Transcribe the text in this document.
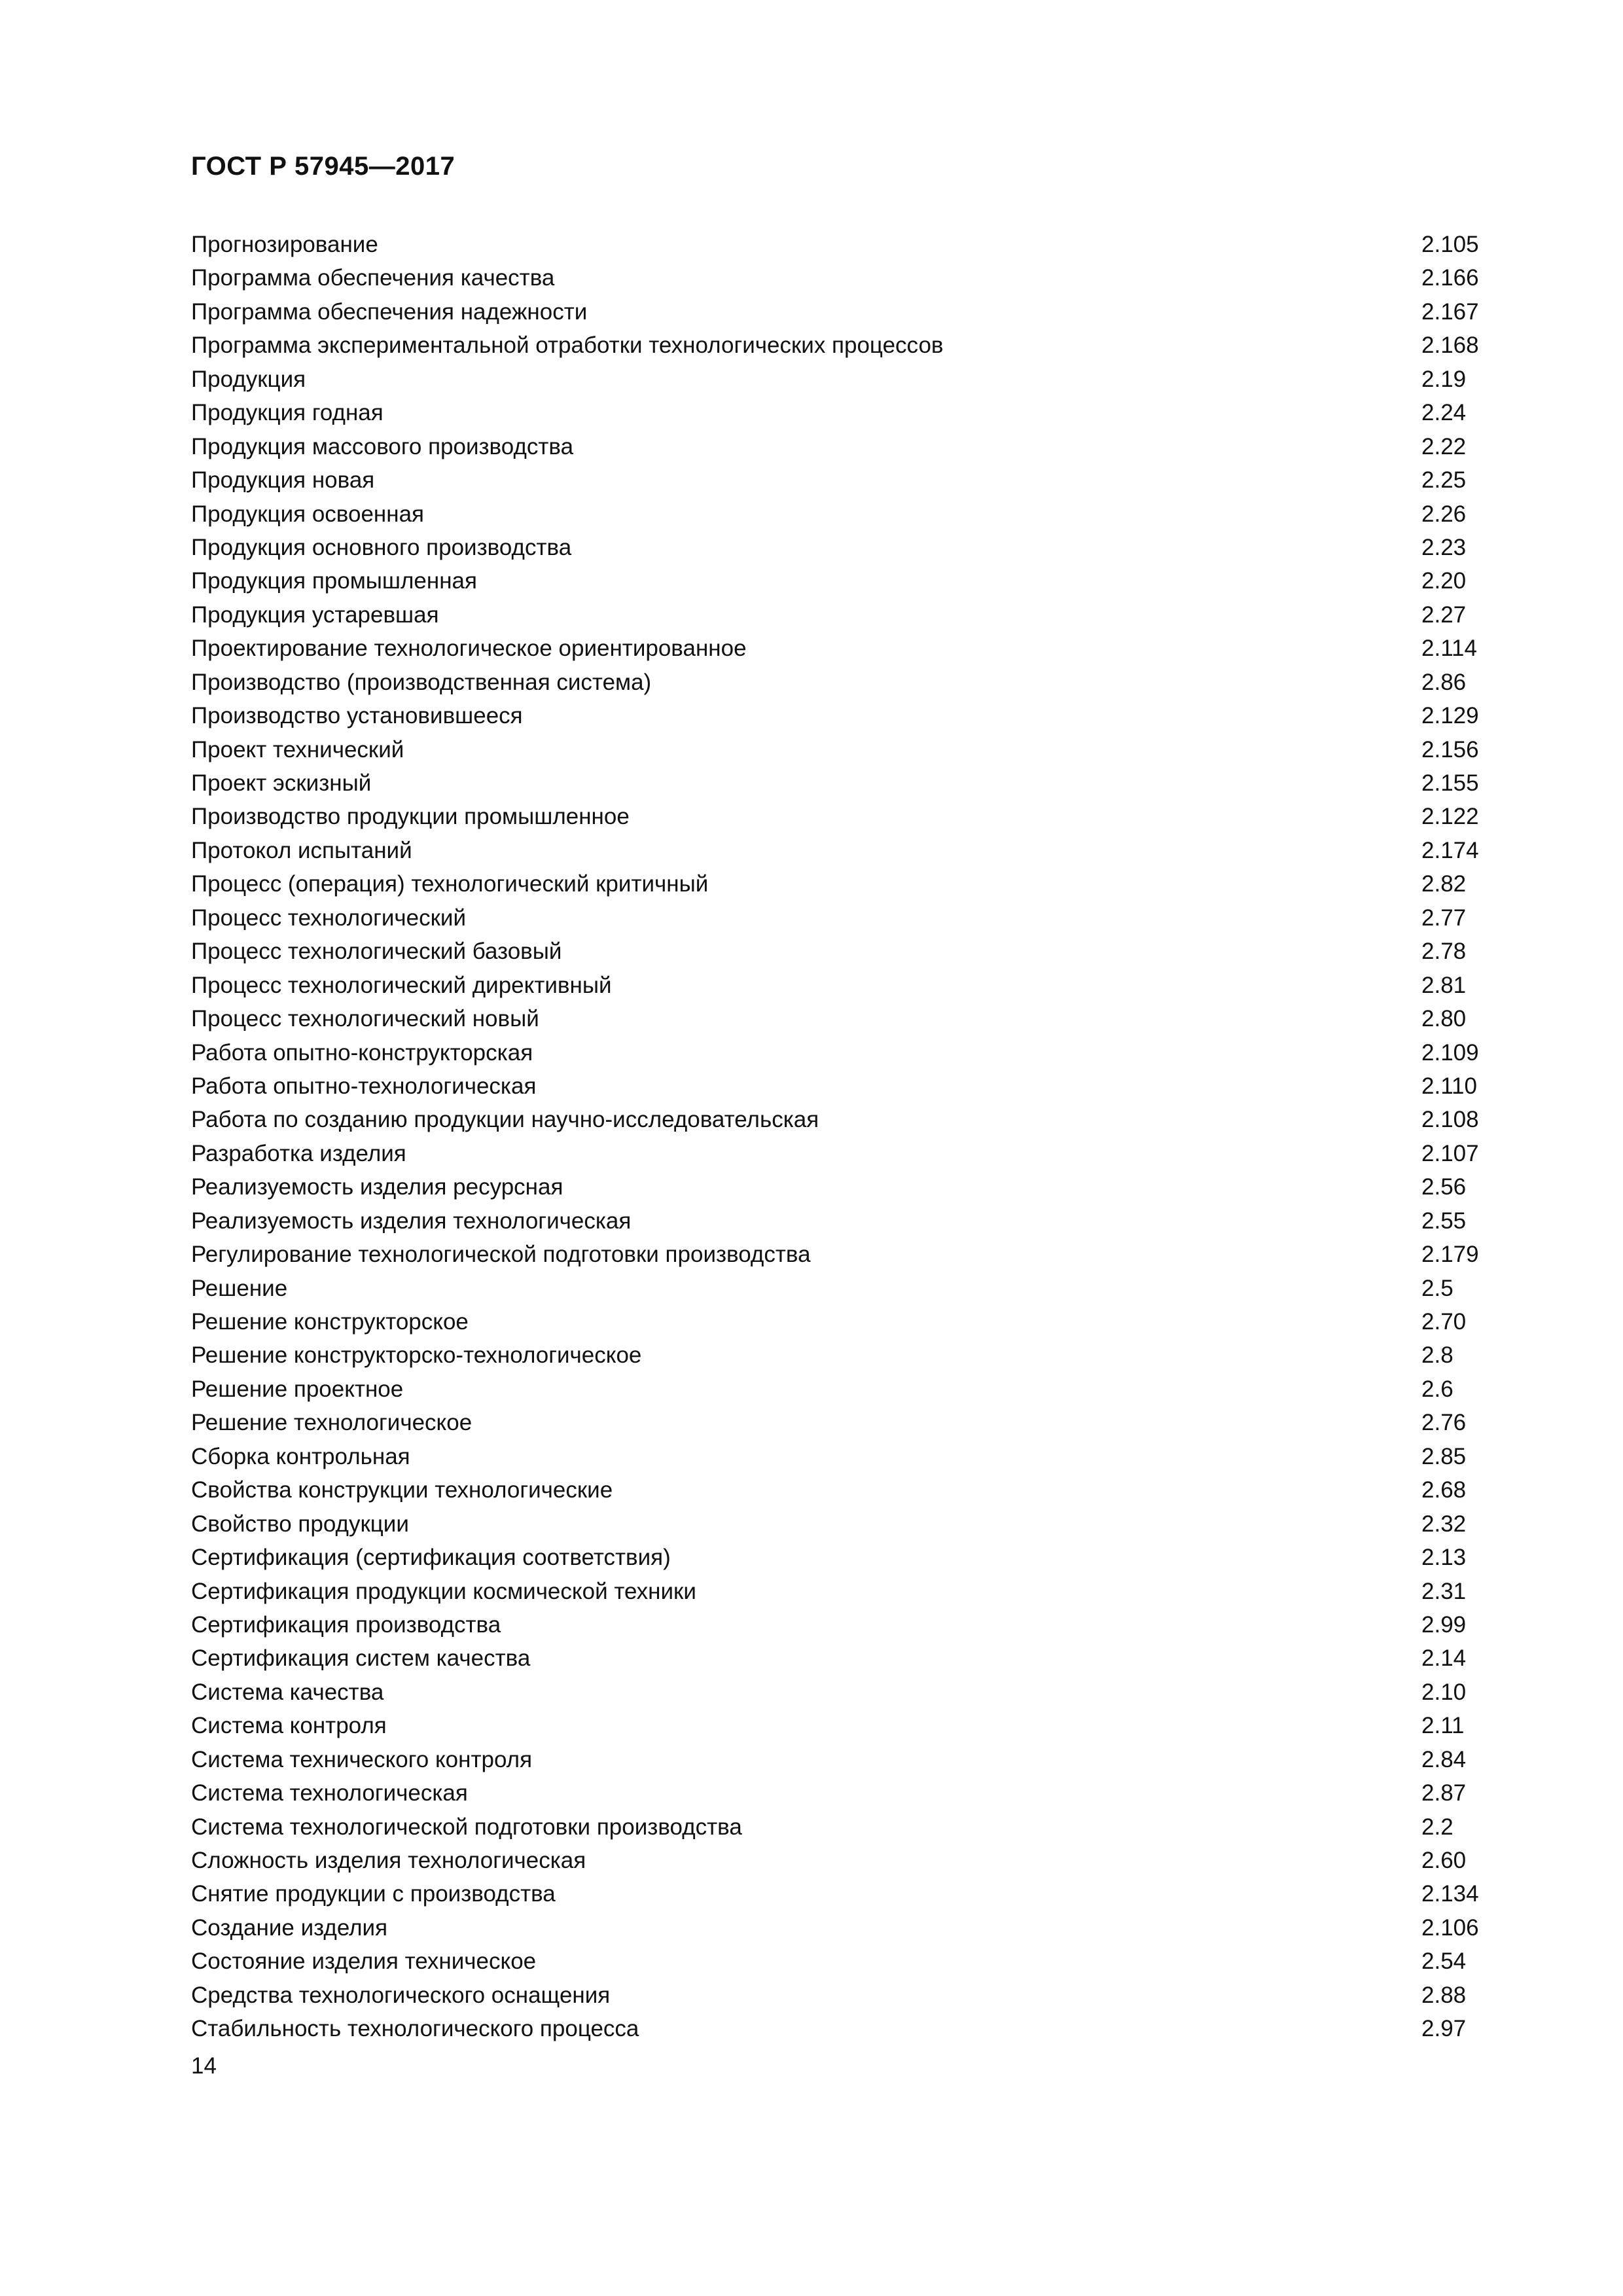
ГОСТ Р 57945—2017
Прогнозирование	2.105
Программа обеспечения качества	2.166
Программа обеспечения надежности	2.167
Программа экспериментальной отработки технологических процессов	2.168
Продукция	2.19
Продукция годная	2.24
Продукция массового производства	2.22
Продукция новая	2.25
Продукция освоенная	2.26
Продукция основного производства	2.23
Продукция промышленная	2.20
Продукция устаревшая	2.27
Проектирование технологическое ориентированное	2.114
Производство (производственная система)	2.86
Производство установившееся	2.129
Проект технический	2.156
Проект эскизный	2.155
Производство продукции промышленное	2.122
Протокол испытаний	2.174
Процесс (операция) технологический критичный	2.82
Процесс технологический	2.77
Процесс технологический базовый	2.78
Процесс технологический директивный	2.81
Процесс технологический новый	2.80
Работа опытно-конструкторская	2.109
Работа опытно-технологическая	2.110
Работа по созданию продукции научно-исследовательская	2.108
Разработка изделия	2.107
Реализуемость изделия ресурсная	2.56
Реализуемость изделия технологическая	2.55
Регулирование технологической подготовки производства	2.179
Решение	2.5
Решение конструкторское	2.70
Решение конструкторско-технологическое	2.8
Решение проектное	2.6
Решение технологическое	2.76
Сборка контрольная	2.85
Свойства конструкции технологические	2.68
Свойство продукции	2.32
Сертификация (сертификация соответствия)	2.13
Сертификация продукции космической техники	2.31
Сертификация производства	2.99
Сертификация систем качества	2.14
Система качества	2.10
Система контроля	2.11
Система технического контроля	2.84
Система технологическая	2.87
Система технологической подготовки производства	2.2
Сложность изделия технологическая	2.60
Снятие продукции с производства	2.134
Создание изделия	2.106
Состояние изделия техническое	2.54
Средства технологического оснащения	2.88
Стабильность технологического процесса	2.97
14
